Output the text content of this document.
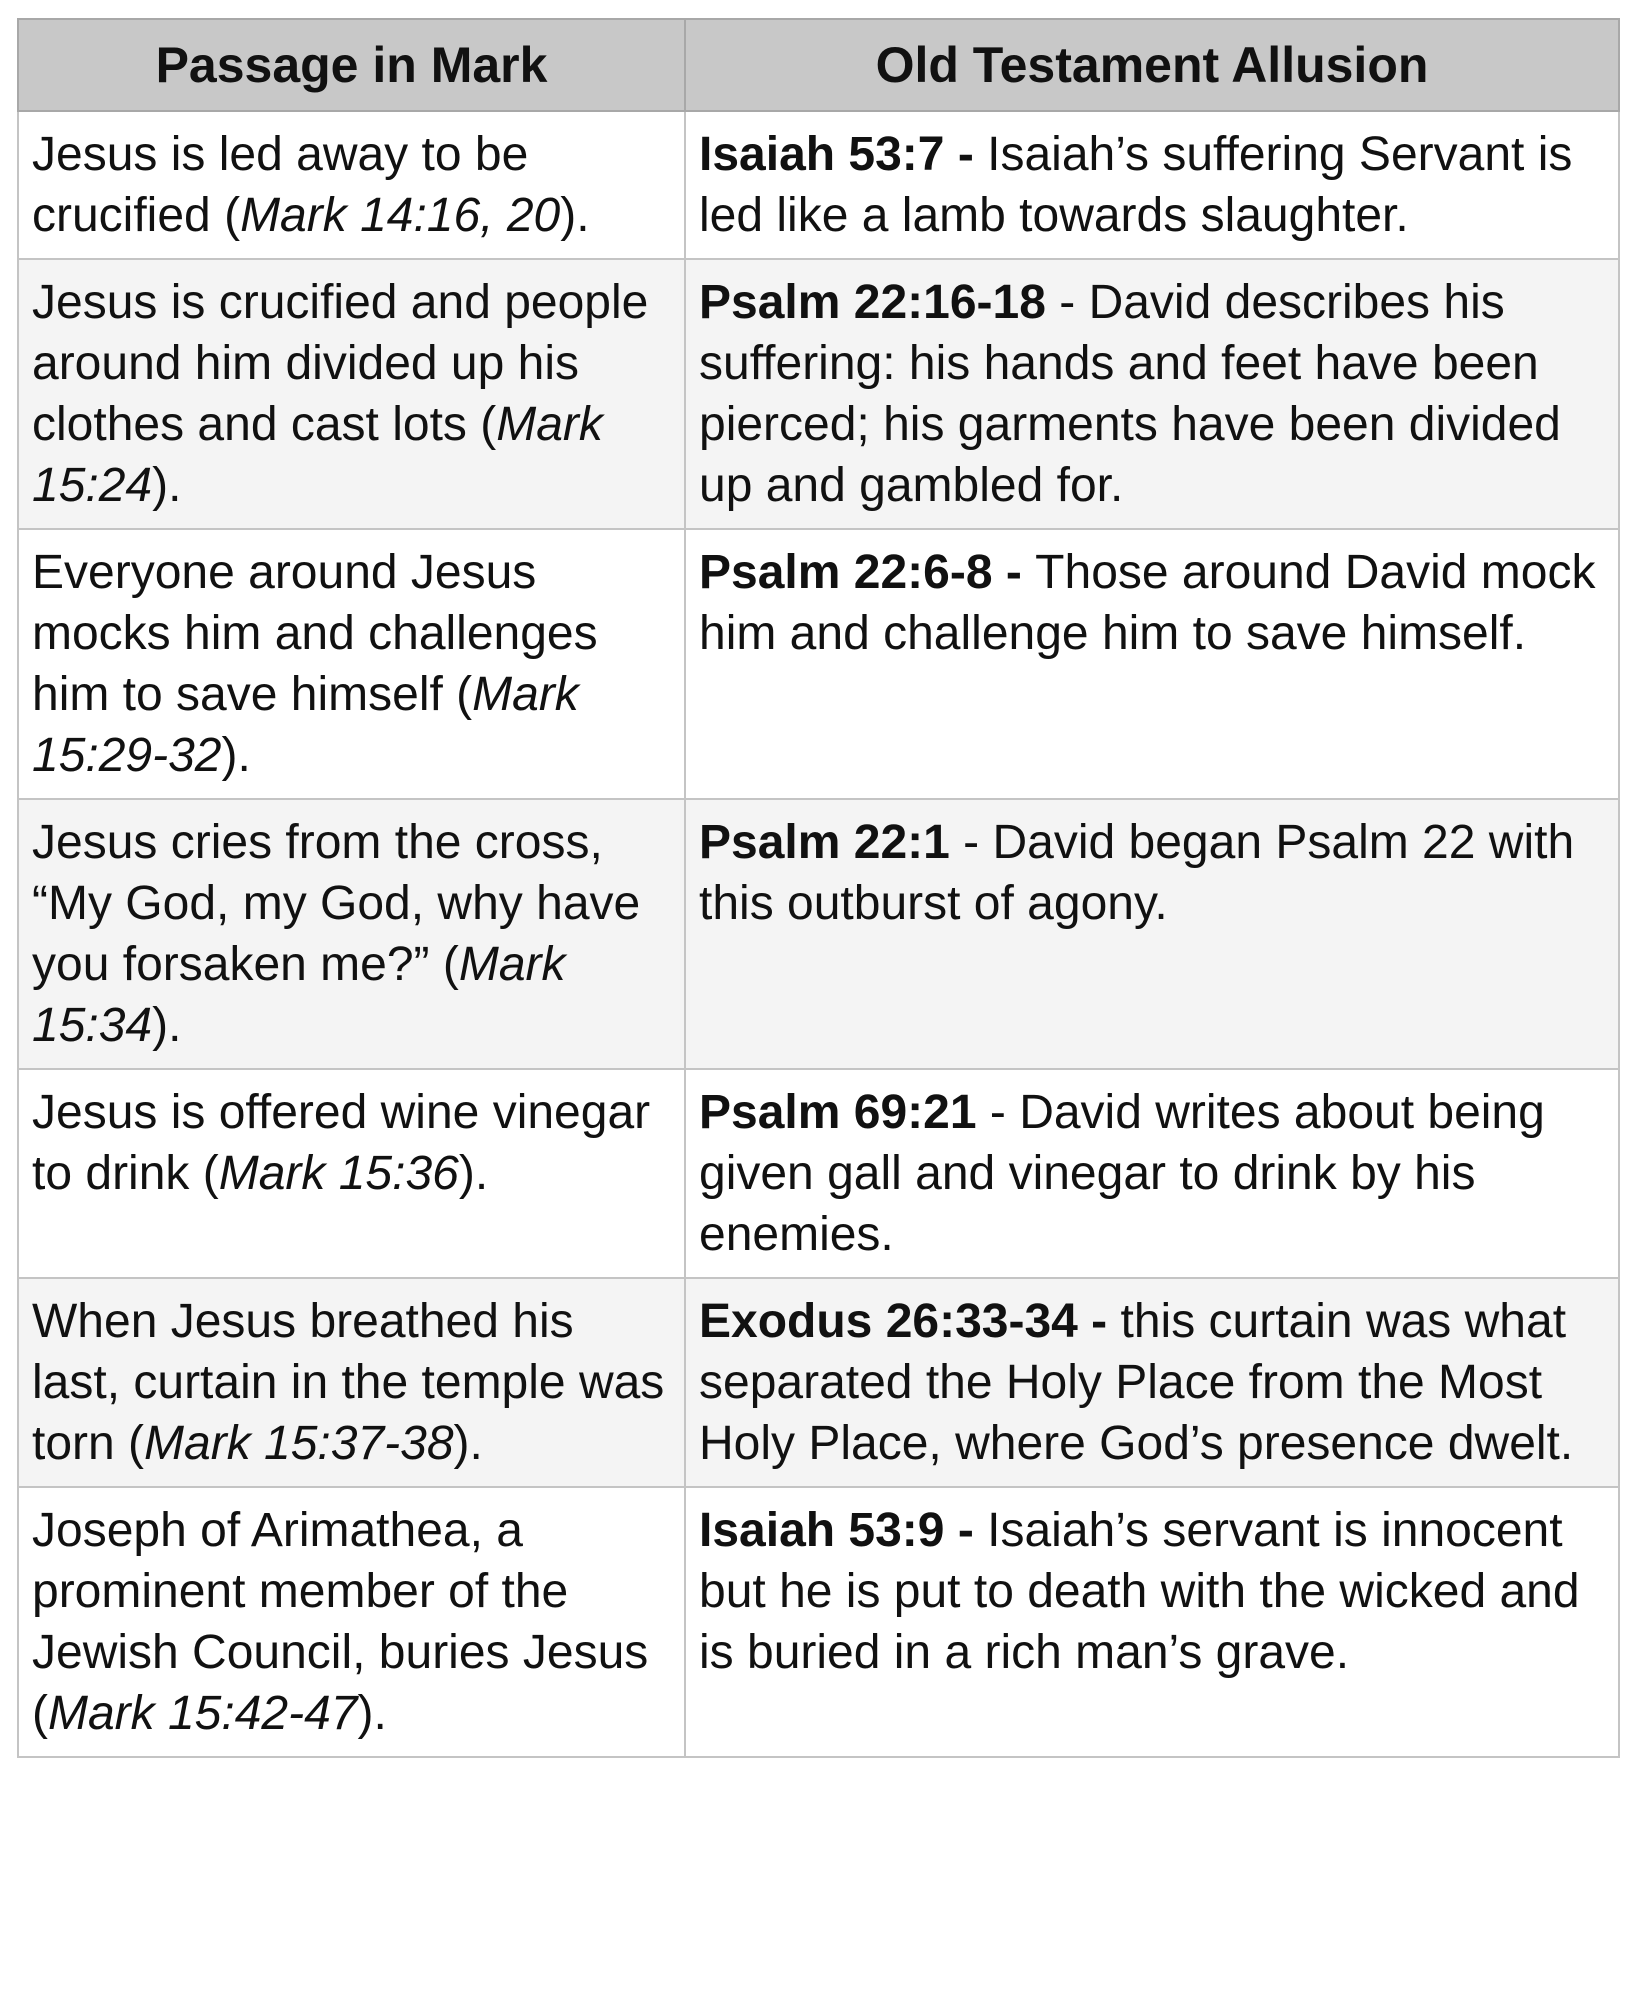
Passage in Mark	Old Testament Allusion
Jesus is led away to be crucified (Mark 14:16, 20).	Isaiah 53:7 - Isaiah’s suffering Servant is led like a lamb towards slaughter.
Jesus is crucified and people around him divided up his clothes and cast lots (Mark 15:24).	Psalm 22:16-18 - David describes his suffering: his hands and feet have been pierced; his garments have been divided up and gambled for.
Everyone around Jesus mocks him and challenges him to save himself (Mark 15:29-32).	Psalm 22:6-8 - Those around David mock him and challenge him to save himself.
Jesus cries from the cross, “My God, my God, why have you forsaken me?” (Mark 15:34).	Psalm 22:1 - David began Psalm 22 with this outburst of agony.
Jesus is offered wine vinegar to drink (Mark 15:36).	Psalm 69:21 - David writes about being given gall and vinegar to drink by his enemies.
When Jesus breathed his last, curtain in the temple was torn (Mark 15:37-38).	Exodus 26:33-34 - this curtain was what separated the Holy Place from the Most Holy Place, where God’s presence dwelt.
Joseph of Arimathea, a prominent member of the Jewish Council, buries Jesus (Mark 15:42-47).	Isaiah 53:9 - Isaiah’s servant is innocent but he is put to death with the wicked and is buried in a rich man’s grave.
